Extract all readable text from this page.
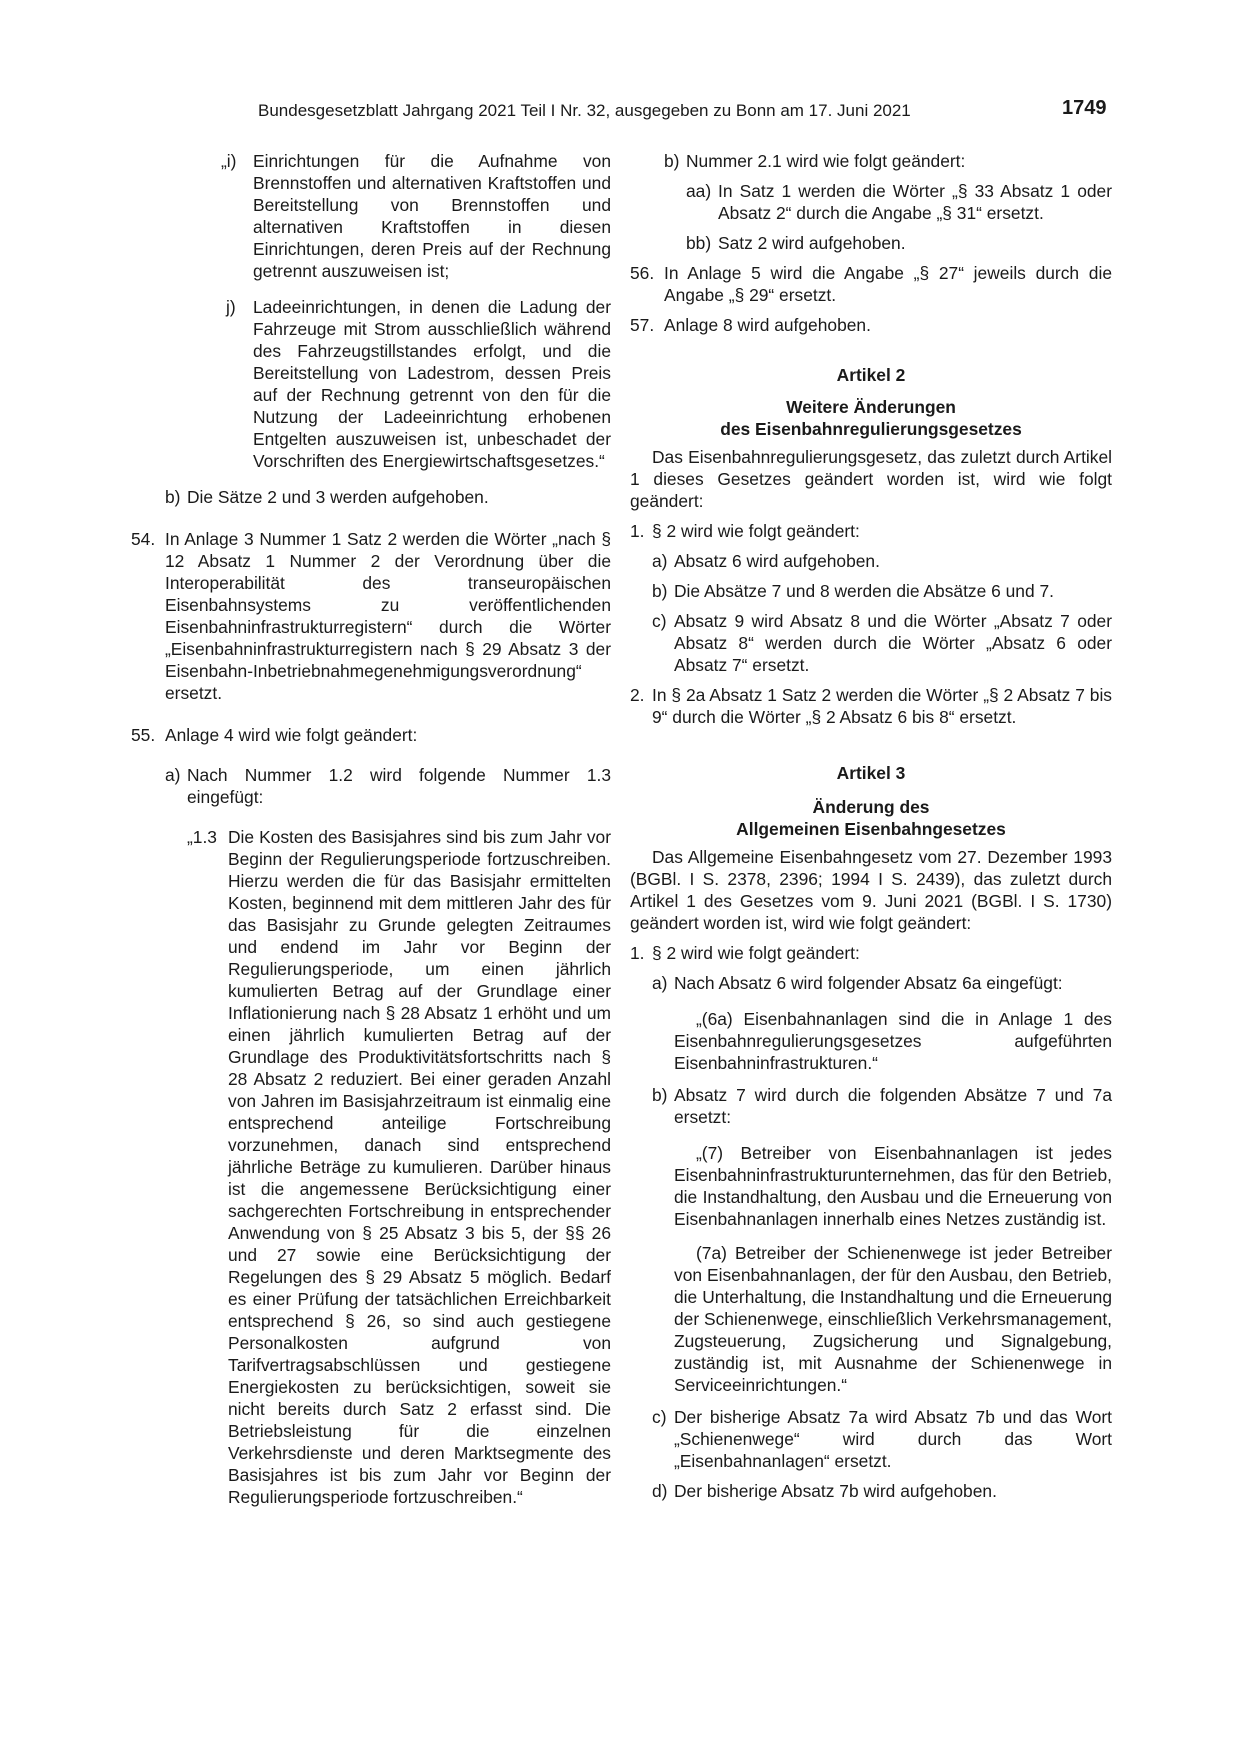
Bundesgesetzblatt Jahrgang 2021 Teil I Nr. 32, ausgegeben zu Bonn am 17. Juni 2021	1749
„i) Einrichtungen für die Aufnahme von Brennstoffen und alternativen Kraftstoffen und Bereitstellung von Brennstoffen und alternativen Kraftstoffen in diesen Einrichtungen, deren Preis auf der Rechnung getrennt auszuweisen ist;
j) Ladeeinrichtungen, in denen die Ladung der Fahrzeuge mit Strom ausschließlich während des Fahrzeugstillstandes erfolgt, und die Bereitstellung von Ladestrom, dessen Preis auf der Rechnung getrennt von den für die Nutzung der Ladeeinrichtung erhobenen Entgelten auszuweisen ist, unbeschadet der Vorschriften des Energiewirtschaftsgesetzes.“
b) Die Sätze 2 und 3 werden aufgehoben.
54. In Anlage 3 Nummer 1 Satz 2 werden die Wörter „nach § 12 Absatz 1 Nummer 2 der Verordnung über die Interoperabilität des transeuropäischen Eisenbahnsystems zu veröffentlichenden Eisenbahninfrastrukturregistern“ durch die Wörter „Eisenbahninfrastrukturregistern nach § 29 Absatz 3 der Eisenbahn-Inbetriebnahmegenehmigungsverordnung“ ersetzt.
55. Anlage 4 wird wie folgt geändert:
a) Nach Nummer 1.2 wird folgende Nummer 1.3 eingefügt:
„1.3 Die Kosten des Basisjahres sind bis zum Jahr vor Beginn der Regulierungsperiode fortzuschreiben. Hierzu werden die für das Basisjahr ermittelten Kosten, beginnend mit dem mittleren Jahr des für das Basisjahr zu Grunde gelegten Zeitraumes und endend im Jahr vor Beginn der Regulierungsperiode, um einen jährlich kumulierten Betrag auf der Grundlage einer Inflationierung nach § 28 Absatz 1 erhöht und um einen jährlich kumulierten Betrag auf der Grundlage des Produktivitätsfortschritts nach § 28 Absatz 2 reduziert. Bei einer geraden Anzahl von Jahren im Basisjahrzeitraum ist einmalig eine entsprechend anteilige Fortschreibung vorzunehmen, danach sind entsprechend jährliche Beträge zu kumulieren. Darüber hinaus ist die angemessene Berücksichtigung einer sachgerechten Fortschreibung in entsprechender Anwendung von § 25 Absatz 3 bis 5, der §§ 26 und 27 sowie eine Berücksichtigung der Regelungen des § 29 Absatz 5 möglich. Bedarf es einer Prüfung der tatsächlichen Erreichbarkeit entsprechend § 26, so sind auch gestiegene Personalkosten aufgrund von Tarifvertragsabschlüssen und gestiegene Energiekosten zu berücksichtigen, soweit sie nicht bereits durch Satz 2 erfasst sind. Die Betriebsleistung für die einzelnen Verkehrsdienste und deren Marktsegmente des Basisjahres ist bis zum Jahr vor Beginn der Regulierungsperiode fortzuschreiben.“
b) Nummer 2.1 wird wie folgt geändert:
aa) In Satz 1 werden die Wörter „§ 33 Absatz 1 oder Absatz 2“ durch die Angabe „§ 31“ ersetzt.
bb) Satz 2 wird aufgehoben.
56. In Anlage 5 wird die Angabe „§ 27“ jeweils durch die Angabe „§ 29“ ersetzt.
57. Anlage 8 wird aufgehoben.

Artikel 2

Weitere Änderungen

des Eisenbahnregulierungsgesetzes

Das Eisenbahnregulierungsgesetz, das zuletzt durch Artikel 1 dieses Gesetzes geändert worden ist, wird wie folgt geändert:

1. § 2 wird wie folgt geändert:
a) Absatz 6 wird aufgehoben.
b) Die Absätze 7 und 8 werden die Absätze 6 und 7.
c) Absatz 9 wird Absatz 8 und die Wörter „Absatz 7 oder Absatz 8“ werden durch die Wörter „Absatz 6 oder Absatz 7“ ersetzt.
2. In § 2a Absatz 1 Satz 2 werden die Wörter „§ 2 Absatz 7 bis 9“ durch die Wörter „§ 2 Absatz 6 bis 8“ ersetzt.

Artikel 3

Änderung des

Allgemeinen Eisenbahngesetzes

Das Allgemeine Eisenbahngesetz vom 27. Dezember 1993 (BGBl. I S. 2378, 2396; 1994 I S. 2439), das zuletzt durch Artikel 1 des Gesetzes vom 9. Juni 2021 (BGBl. I S. 1730) geändert worden ist, wird wie folgt geändert:

1. § 2 wird wie folgt geändert:
a) Nach Absatz 6 wird folgender Absatz 6a eingefügt:

„(6a) Eisenbahnanlagen sind die in Anlage 1 des Eisenbahnregulierungsgesetzes aufgeführten Eisenbahninfrastrukturen.“

b) Absatz 7 wird durch die folgenden Absätze 7 und 7a ersetzt:

„(7) Betreiber von Eisenbahnanlagen ist jedes Eisenbahninfrastrukturunternehmen, das für den Betrieb, die Instandhaltung, den Ausbau und die Erneuerung von Eisenbahnanlagen innerhalb eines Netzes zuständig ist.

(7a) Betreiber der Schienenwege ist jeder Betreiber von Eisenbahnanlagen, der für den Ausbau, den Betrieb, die Unterhaltung, die Instandhaltung und die Erneuerung der Schienenwege, einschließlich Verkehrsmanagement, Zugsteuerung, Zugsicherung und Signalgebung, zuständig ist, mit Ausnahme der Schienenwege in Serviceeinrichtungen.“

c) Der bisherige Absatz 7a wird Absatz 7b und das Wort „Schienenwege“ wird durch das Wort „Eisenbahnanlagen“ ersetzt.
d) Der bisherige Absatz 7b wird aufgehoben.
